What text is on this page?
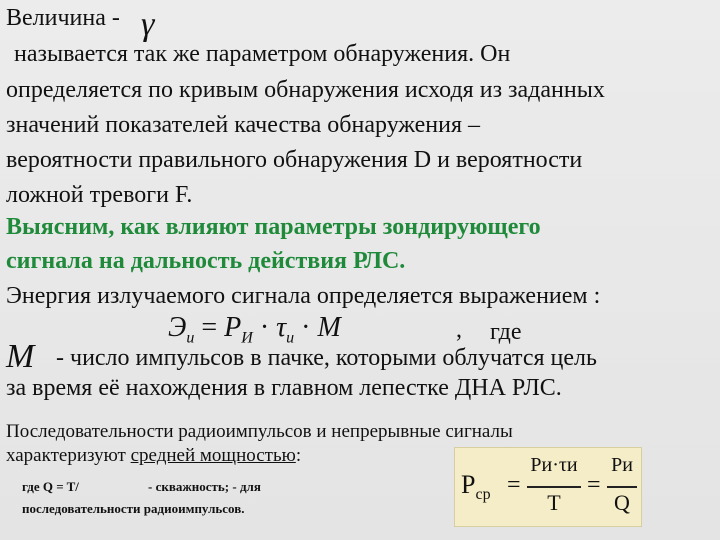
Величина - γ
называется так же параметром обнаружения. Он
определяется по кривым обнаружения исходя из заданных
значений показателей качества обнаружения –
вероятности правильного обнаружения D и вероятности
ложной тревоги F.
Выясним, как влияют параметры зондирующего
сигнала на дальность действия РЛС.
Энергия излучаемого сигнала определяется выражением :
$Э_и = P_И \cdot \tau_и \cdot M$	, где
M - число импульсов в пачке, которыми облучатся цель
за время её нахождения в главном лепестке ДНА РЛС.
Последовательности радиоимпульсов и непрерывные сигналы
характеризуют средней мощностью:
где Q = T/	- скважность; - для
последовательности радиоимпульсов.
$P_{ср}$ =
Pи·τи
T
=
Pи
Q
